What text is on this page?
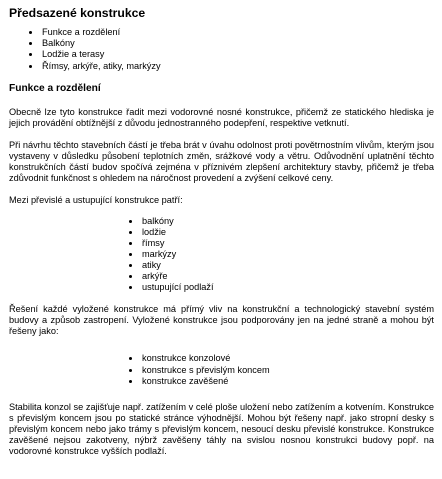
Předsazené konstrukce
Funkce a rozdělení
Balkóny
Lodžie a terasy
Římsy, arkýře, atiky, markýzy
Funkce a rozdělení

Obecně lze tyto konstrukce řadit mezi vodorovné nosné konstrukce, přičemž ze statického hlediska je jejich provádění obtížnější z důvodu jednostranného podepření, respektive vetknutí.

Při návrhu těchto stavebních částí je třeba brát v úvahu odolnost proti povětrnostním vlivům, kterým jsou vystaveny v důsledku působení teplotních změn, srážkové vody a větru. Odůvodnění uplatnění těchto konstrukčních částí budov spočívá zejména v příznivém zlepšení architektury stavby, přičemž je třeba zdůvodnit funkčnost s ohledem na náročnost provedení a zvýšení celkové ceny.

Mezi převislé a ustupující konstrukce patří:

balkóny
lodžie
římsy
markýzy
atiky
arkýře
ustupující podlaží

Řešení každé vyložené konstrukce má přímý vliv na konstrukční a technologický stavební systém budovy a způsob zastropení. Vyložené konstrukce jsou podporovány jen na jedné straně a mohou být řešeny jako:

konstrukce konzolové
konstrukce s převislým koncem
konstrukce zavěšené

Stabilita konzol se zajišťuje např. zatížením v celé ploše uložení nebo zatížením a kotvením. Konstrukce s převislým koncem jsou po statické stránce výhodnější. Mohou být řešeny např. jako stropní desky s převislým koncem nebo jako trámy s převislým koncem, nesoucí desku převislé konstrukce. Konstrukce zavěšené nejsou zakotveny, nýbrž zavěšeny táhly na svislou nosnou konstrukci budovy popř. na vodorovné konstrukce vyšších podlaží.
